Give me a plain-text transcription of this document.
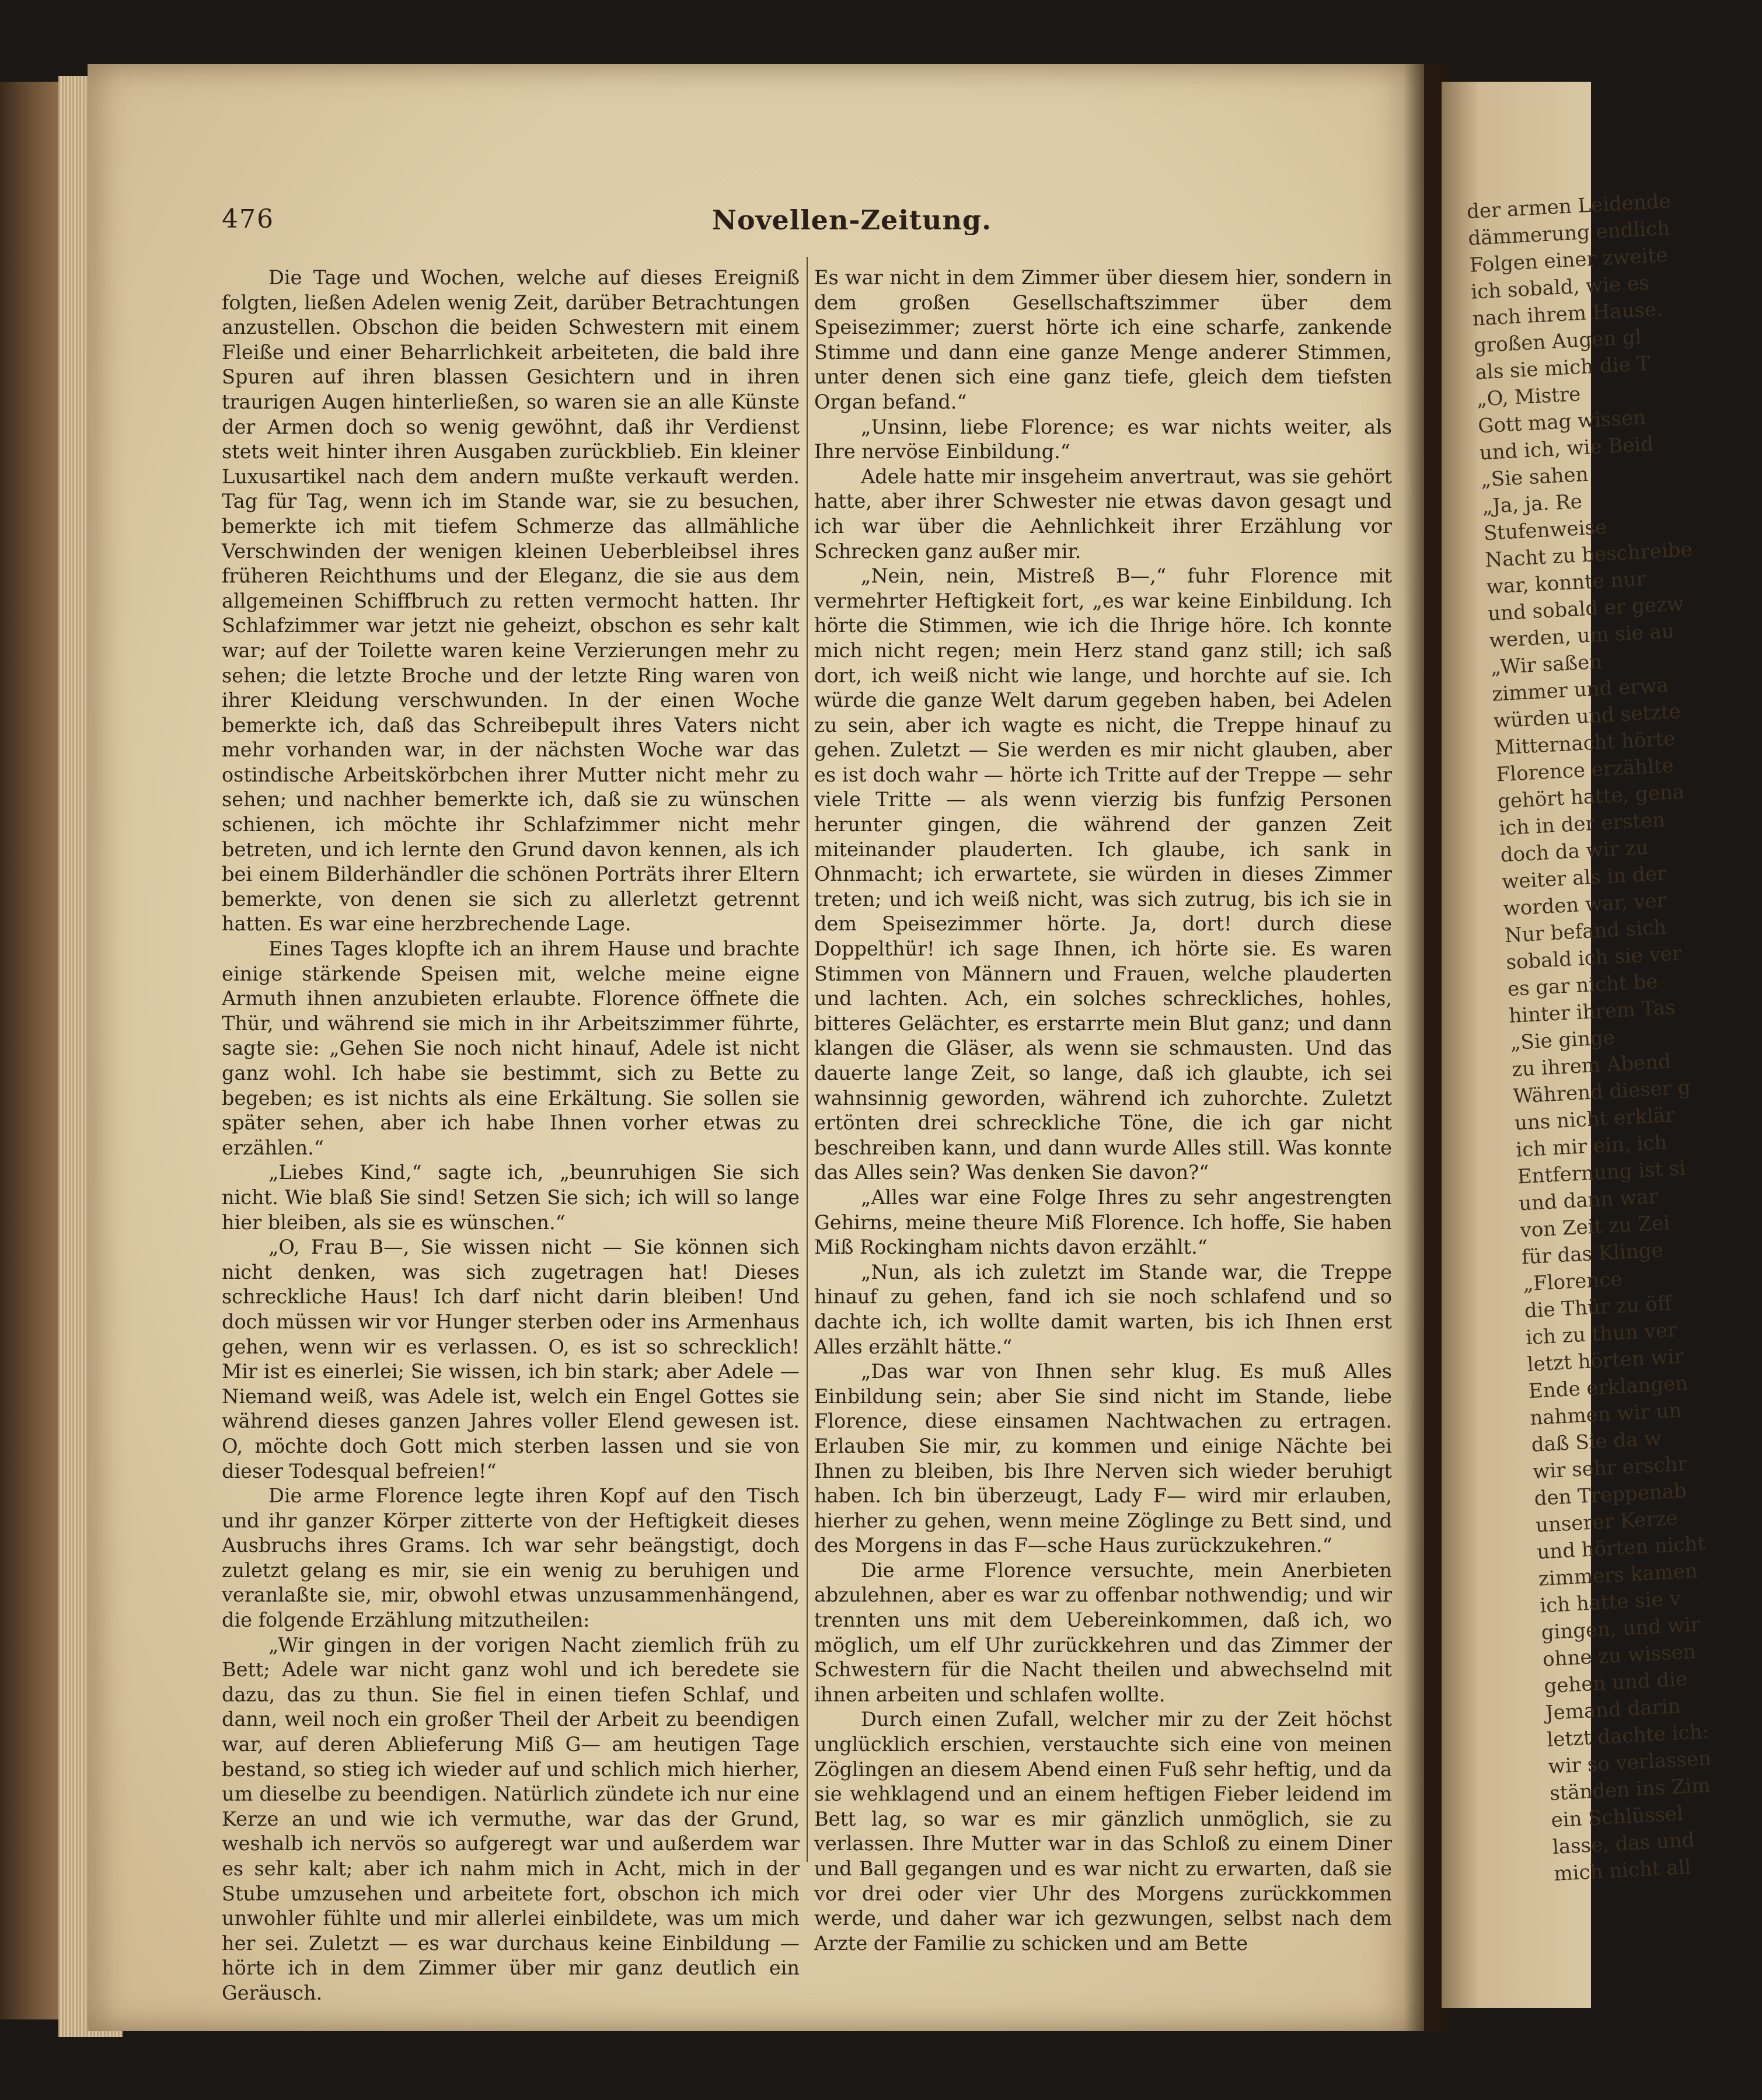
476	Novellen-Zeitung.

Die Tage und Wochen, welche auf dieses Ereigniß folgten, ließen Adelen wenig Zeit, darüber Betrachtungen anzustellen. Obschon die beiden Schwestern mit einem Fleiße und einer Beharrlichkeit arbeiteten, die bald ihre Spuren auf ihren blassen Gesichtern und in ihren traurigen Augen hinterließen, so waren sie an alle Künste der Armen doch so wenig gewöhnt, daß ihr Verdienst stets weit hinter ihren Ausgaben zurückblieb. Ein kleiner Luxusartikel nach dem andern mußte verkauft werden. Tag für Tag, wenn ich im Stande war, sie zu besuchen, bemerkte ich mit tiefem Schmerze das allmähliche Verschwinden der wenigen kleinen Ueberbleibsel ihres früheren Reichthums und der Eleganz, die sie aus dem allgemeinen Schiffbruch zu retten vermocht hatten. Ihr Schlafzimmer war jetzt nie geheizt, obschon es sehr kalt war; auf der Toilette waren keine Verzierungen mehr zu sehen; die letzte Broche und der letzte Ring waren von ihrer Kleidung verschwunden. In der einen Woche bemerkte ich, daß das Schreibepult ihres Vaters nicht mehr vorhanden war, in der nächsten Woche war das ostindische Arbeitskörbchen ihrer Mutter nicht mehr zu sehen; und nachher bemerkte ich, daß sie zu wünschen schienen, ich möchte ihr Schlafzimmer nicht mehr betreten, und ich lernte den Grund davon kennen, als ich bei einem Bilderhändler die schönen Porträts ihrer Eltern bemerkte, von denen sie sich zu allerletzt getrennt hatten. Es war eine herzbrechende Lage.

Eines Tages klopfte ich an ihrem Hause und brachte einige stärkende Speisen mit, welche meine eigne Armuth ihnen anzubieten erlaubte. Florence öffnete die Thür, und während sie mich in ihr Arbeitszimmer führte, sagte sie: „Gehen Sie noch nicht hinauf, Adele ist nicht ganz wohl. Ich habe sie bestimmt, sich zu Bette zu begeben; es ist nichts als eine Erkältung. Sie sollen sie später sehen, aber ich habe Ihnen vorher etwas zu erzählen.“

„Liebes Kind,“ sagte ich, „beunruhigen Sie sich nicht. Wie blaß Sie sind! Setzen Sie sich; ich will so lange hier bleiben, als sie es wünschen.“

„O, Frau B—, Sie wissen nicht — Sie können sich nicht denken, was sich zugetragen hat! Dieses schreckliche Haus! Ich darf nicht darin bleiben! Und doch müssen wir vor Hunger sterben oder ins Armenhaus gehen, wenn wir es verlassen. O, es ist so schrecklich! Mir ist es einerlei; Sie wissen, ich bin stark; aber Adele — Niemand weiß, was Adele ist, welch ein Engel Gottes sie während dieses ganzen Jahres voller Elend gewesen ist. O, möchte doch Gott mich sterben lassen und sie von dieser Todesqual befreien!“

Die arme Florence legte ihren Kopf auf den Tisch und ihr ganzer Körper zitterte von der Heftigkeit dieses Ausbruchs ihres Grams. Ich war sehr beängstigt, doch zuletzt gelang es mir, sie ein wenig zu beruhigen und veranlaßte sie, mir, obwohl etwas unzusammenhängend, die folgende Erzählung mitzutheilen:

„Wir gingen in der vorigen Nacht ziemlich früh zu Bett; Adele war nicht ganz wohl und ich beredete sie dazu, das zu thun. Sie fiel in einen tiefen Schlaf, und dann, weil noch ein großer Theil der Arbeit zu beendigen war, auf deren Ablieferung Miß G— am heutigen Tage bestand, so stieg ich wieder auf und schlich mich hierher, um dieselbe zu beendigen. Natürlich zündete ich nur eine Kerze an und wie ich vermuthe, war das der Grund, weshalb ich nervös so aufgeregt war und außerdem war es sehr kalt; aber ich nahm mich in Acht, mich in der Stube umzusehen und arbeitete fort, obschon ich mich unwohler fühlte und mir allerlei einbildete, was um mich her sei. Zuletzt — es war durchaus keine Einbildung — hörte ich in dem Zimmer über mir ganz deutlich ein Geräusch.

Es war nicht in dem Zimmer über diesem hier, sondern in dem großen Gesellschaftszimmer über dem Speisezimmer; zuerst hörte ich eine scharfe, zankende Stimme und dann eine ganze Menge anderer Stimmen, unter denen sich eine ganz tiefe, gleich dem tiefsten Organ befand.“

„Unsinn, liebe Florence; es war nichts weiter, als Ihre nervöse Einbildung.“

Adele hatte mir insgeheim anvertraut, was sie gehört hatte, aber ihrer Schwester nie etwas davon gesagt und ich war über die Aehnlichkeit ihrer Erzählung vor Schrecken ganz außer mir.

„Nein, nein, Mistreß B—,“ fuhr Florence mit vermehrter Heftigkeit fort, „es war keine Einbildung. Ich hörte die Stimmen, wie ich die Ihrige höre. Ich konnte mich nicht regen; mein Herz stand ganz still; ich saß dort, ich weiß nicht wie lange, und horchte auf sie. Ich würde die ganze Welt darum gegeben haben, bei Adelen zu sein, aber ich wagte es nicht, die Treppe hinauf zu gehen. Zuletzt — Sie werden es mir nicht glauben, aber es ist doch wahr — hörte ich Tritte auf der Treppe — sehr viele Tritte — als wenn vierzig bis funfzig Personen herunter gingen, die während der ganzen Zeit miteinander plauderten. Ich glaube, ich sank in Ohnmacht; ich erwartete, sie würden in dieses Zimmer treten; und ich weiß nicht, was sich zutrug, bis ich sie in dem Speisezimmer hörte. Ja, dort! durch diese Doppelthür! ich sage Ihnen, ich hörte sie. Es waren Stimmen von Männern und Frauen, welche plauderten und lachten. Ach, ein solches schreckliches, hohles, bitteres Gelächter, es erstarrte mein Blut ganz; und dann klangen die Gläser, als wenn sie schmausten. Und das dauerte lange Zeit, so lange, daß ich glaubte, ich sei wahnsinnig geworden, während ich zuhorchte. Zuletzt ertönten drei schreckliche Töne, die ich gar nicht beschreiben kann, und dann wurde Alles still. Was konnte das Alles sein? Was denken Sie davon?“

„Alles war eine Folge Ihres zu sehr angestrengten Gehirns, meine theure Miß Florence. Ich hoffe, Sie haben Miß Rockingham nichts davon erzählt.“

„Nun, als ich zuletzt im Stande war, die Treppe hinauf zu gehen, fand ich sie noch schlafend und so dachte ich, ich wollte damit warten, bis ich Ihnen erst Alles erzählt hätte.“

„Das war von Ihnen sehr klug. Es muß Alles Einbildung sein; aber Sie sind nicht im Stande, liebe Florence, diese einsamen Nachtwachen zu ertragen. Erlauben Sie mir, zu kommen und einige Nächte bei Ihnen zu bleiben, bis Ihre Nerven sich wieder beruhigt haben. Ich bin überzeugt, Lady F— wird mir erlauben, hierher zu gehen, wenn meine Zöglinge zu Bett sind, und des Morgens in das F—sche Haus zurückzukehren.“

Die arme Florence versuchte, mein Anerbieten abzulehnen, aber es war zu offenbar nothwendig; und wir trennten uns mit dem Uebereinkommen, daß ich, wo möglich, um elf Uhr zurückkehren und das Zimmer der Schwestern für die Nacht theilen und abwechselnd mit ihnen arbeiten und schlafen wollte.

Durch einen Zufall, welcher mir zu der Zeit höchst unglücklich erschien, verstauchte sich eine von meinen Zöglingen an diesem Abend einen Fuß sehr heftig, und da sie wehklagend und an einem heftigen Fieber leidend im Bett lag, so war es mir gänzlich unmöglich, sie zu verlassen. Ihre Mutter war in das Schloß zu einem Diner und Ball gegangen und es war nicht zu erwarten, daß sie vor drei oder vier Uhr des Morgens zurückkommen werde, und daher war ich gezwungen, selbst nach dem Arzte der Familie zu schicken und am Bette

der armen Leidende
dämmerung endlich
Folgen einer zweite
ich sobald, wie es
nach ihrem Hause.
großen Augen gl
als sie mich die T
„O, Mistre
Gott mag wissen
und ich, wie Beid
„Sie sahen
„Ja, ja. Re
Stufenweise
Nacht zu beschreibe
war, konnte nur
und sobald er gezw
werden, um sie au
„Wir saßen
zimmer und erwa
würden und setzte
Mitternacht hörte
Florence erzählte
gehört hatte, gena
ich in der ersten
doch da wir zu
weiter als in der
worden war, ver
Nur befand sich
sobald ich sie ver
es gar nicht be
hinter ihrem Tas
„Sie ginge
zu ihrem Abend
Während dieser g
uns nicht erklär
ich mir ein, ich
Entfernung ist si
und dann war
von Zeit zu Zei
für das Klinge
„Florence
die Thür zu öff
ich zu thun ver
letzt hörten wir
Ende erklangen
nahmen wir un
daß Sie da w
wir sehr erschr
den Treppenab
unserer Kerze
und hörten nicht
zimmers kamen
ich hatte sie v
gingen, und wir
ohne zu wissen
gehen und die
Jemand darin
letzt dachte ich:
wir so verlassen
ständen ins Zim
ein Schlüssel
lasse, das und
mich nicht all
